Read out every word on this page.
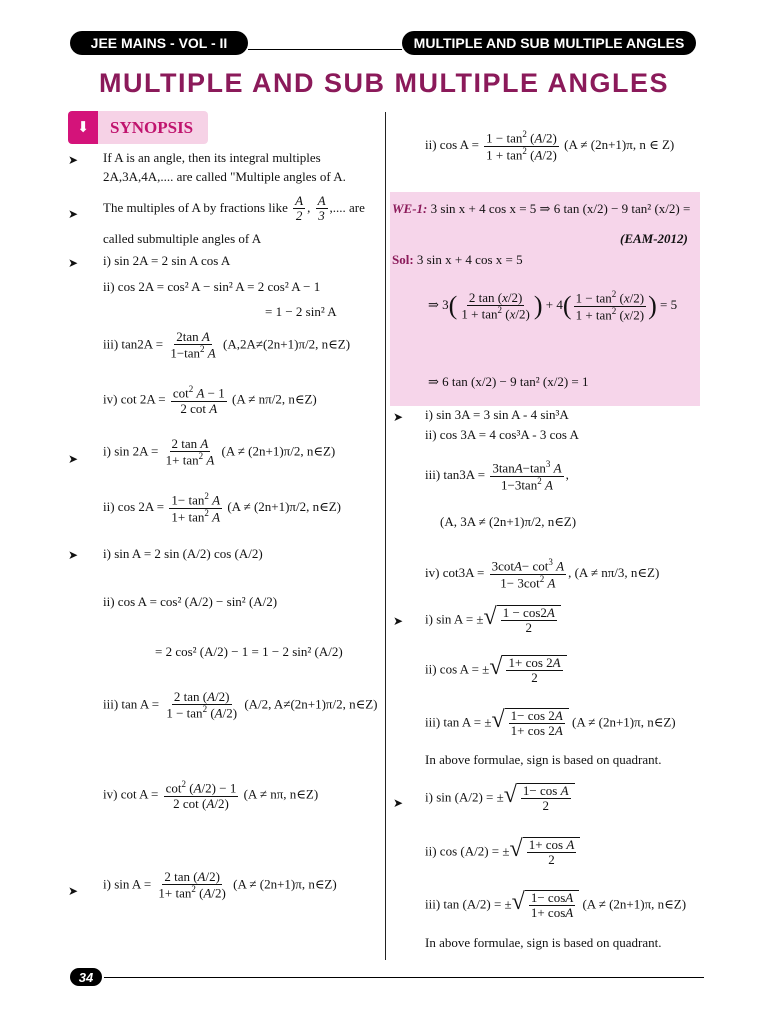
JEE MAINS - VOL - II	MULTIPLE AND SUB MULTIPLE ANGLES
MULTIPLE AND SUB MULTIPLE ANGLES
⬇	SYNOPSIS
➤ If A is an angle, then its integral multiples
2A,3A,4A,.... are called "Multiple angles of A.
➤ The multiples of A by fractions like $\frac{A}{2}$ , $\frac{A}{3}$ ,.... are
called submultiple angles of A
➤ i) sin 2A = 2 sin A cos A
ii) cos 2A = cos² A − sin² A = 2 cos² A − 1
= 1 − 2 sin² A
iii) $\tan 2A = \frac{\text{2tan A}}{1-\tan^2 A} (A,2A\ne(2n+1)\pi/2$, n∈Z)
iv) $\cot 2A = \frac{\cot^2 A - 1}{\text{2 cot A}} (A \ne n\pi/2$, n∈Z)
➤
i) $\sin 2A = \frac{\text{2 tan A}}{1+ \tan^2 A} (A \ne (2n+1)\pi/2$, n∈Z)
ii) $\cos 2A = \frac{1- \tan^2 A}{1+ \tan^2 A} (A \ne (2n+1)\pi/2$, n∈Z)
➤ i) sin A = 2 sin (A/2) cos (A/2)
ii) cos A = cos² (A/2) − sin² (A/2)
= 2 cos² (A/2) − 1 = 1 − 2 sin² (A/2)
iii) $\tan A = \frac{2 \tan (A/2)}{1 - \tan^2 (A/2)} (A/2$, A≠(2n+1)π/2, n∈Z)
iv) $\cot A = \frac{\cot^2 (A/2) - 1}{2 \cot (A/2)} (A \ne n\pi$, n∈Z)
➤ i) $\sin A = \frac{2 \tan (A/2)}{1+ \tan^2 (A/2)} (A \ne (2n+1)\pi$, n∈Z)
ii) $\cos A = \frac{1 - \tan^2 (A/2)}{1 + \tan^2 (A/2)} (A \ne (2n+1)\pi$, n ∈ Z)
WE-1: 3 sin x + 4 cos x = 5 ⇒ 6 tan (x/2) − 9 tan² (x/2) =
(EAM-2012)
Sol: 3 sin x + 4 cos x = 5
⇒ $3( \frac{2 \tan (x/2)}{1 + \tan^2 (x/2)}$ ) + $4( \frac{1 - \tan^2 (x/2)}{1 + \tan^2 (x/2)}$ ) = 5
⇒ 6 tan (x/2) − 9 tan² (x/2) = 1
➤ i) sin 3A = 3 sin A - 4 sin³A
ii) cos 3A = 4 cos³A - 3 cos A
iii) $\tan 3A = \frac{3\tan A-\tan^3 A}{1-3\tan^2 A}$ ,
(A, 3A ≠ (2n+1)π/2, n∈Z)
iv) $\cot 3A = \frac{3\cot A- \cot^3 A}{1- 3\cot^2 A}$ , (A ≠ nπ/3, n∈Z)
➤ i) sin A = ± √ $\frac{1 - \cos 2A}{2}$
ii) cos A = ± √ $\frac{1+ \cos 2A}{2}$
iii) tan A = ± √ $\frac{1- \cos 2A}{1+ \cos 2A} (A \ne (2n+1)\pi$, n∈Z)
In above formulae, sign is based on quadrant.
➤ i) sin (A/2) = ± √ $\frac{\text{1− cos A}}{2}$
ii) cos (A/2) = ± √ $\frac{\text{1+ cos A}}{2}$
iii) tan (A/2) = ± √ $\frac{1- \cos A}{1+ \cos A} (A \ne (2n+1)\pi$, n∈Z)
In above formulae, sign is based on quadrant.
34
